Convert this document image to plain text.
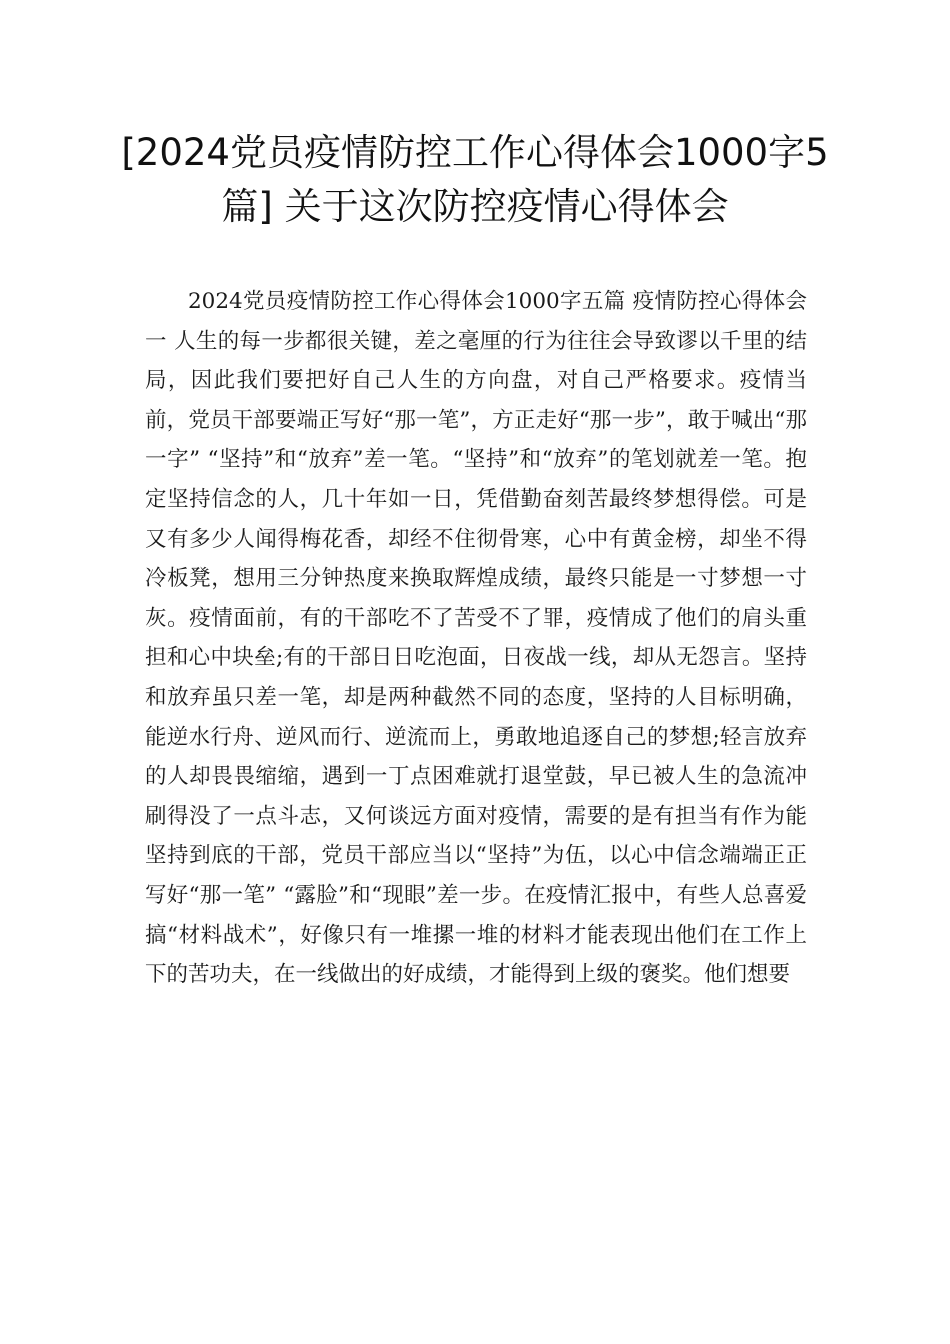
[2024党员疫情防控工作心得体会1000字5篇] 关于这次防控疫情心得体会

2024党员疫情防控工作心得体会1000字五篇 疫情防控心得体会一 人生的每一步都很关键，差之毫厘的行为往往会导致谬以千里的结局，因此我们要把好自己人生的方向盘，对自己严格要求。疫情当前，党员干部要端正写好“那一笔”，方正走好“那一步”，敢于喊出“那一字” “坚持”和“放弃”差一笔。“坚持”和“放弃”的笔划就差一笔。抱定坚持信念的人，几十年如一日，凭借勤奋刻苦最终梦想得偿。可是又有多少人闻得梅花香，却经不住彻骨寒，心中有黄金榜，却坐不得冷板凳，想用三分钟热度来换取辉煌成绩，最终只能是一寸梦想一寸灰。疫情面前，有的干部吃不了苦受不了罪，疫情成了他们的肩头重担和心中块垒;有的干部日日吃泡面，日夜战一线，却从无怨言。坚持和放弃虽只差一笔，却是两种截然不同的态度，坚持的人目标明确，能逆水行舟、逆风而行、逆流而上，勇敢地追逐自己的梦想;轻言放弃的人却畏畏缩缩，遇到一丁点困难就打退堂鼓，早已被人生的急流冲刷得没了一点斗志，又何谈远方面对疫情，需要的是有担当有作为能坚持到底的干部，党员干部应当以“坚持”为伍，以心中信念端端正正写好“那一笔” “露脸”和“现眼”差一步。在疫情汇报中，有些人总喜爱搞“材料战术”，好像只有一堆摞一堆的材料才能表现出他们在工作上下的苦功夫，在一线做出的好成绩，才能得到上级的褒奖。他们想要
